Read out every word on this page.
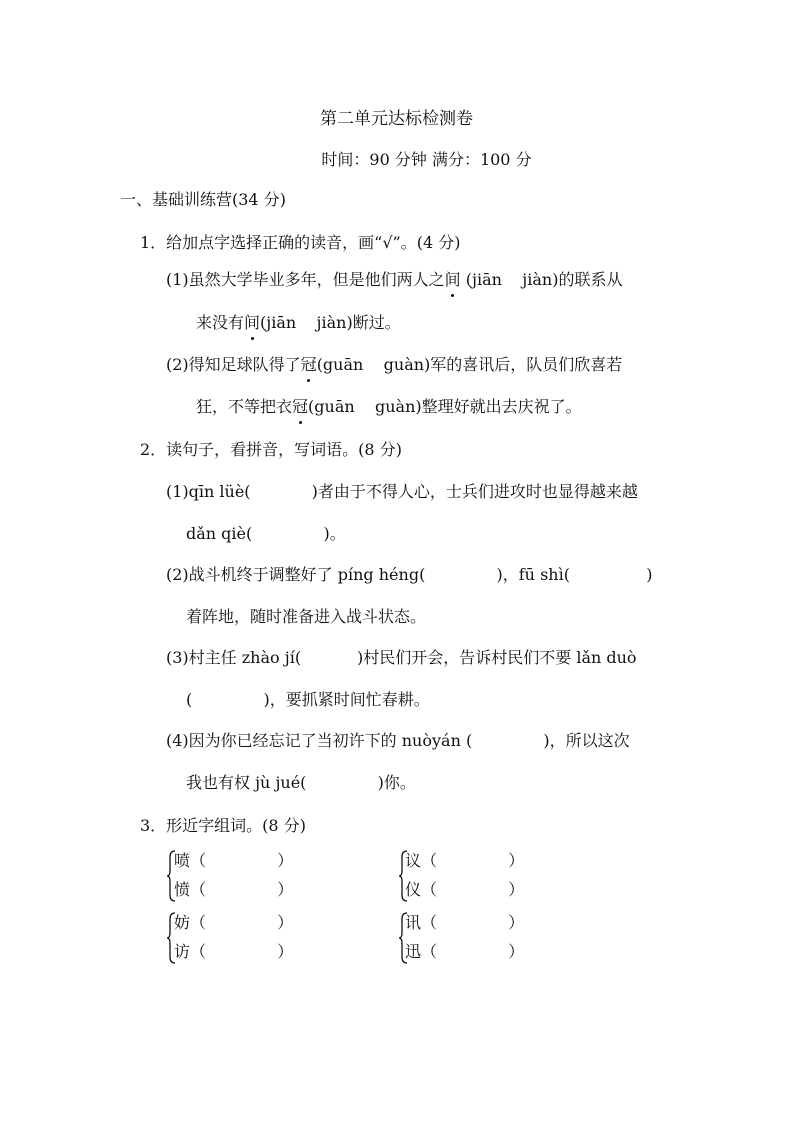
第二单元达标检测卷
时间：90 分钟 满分：100 分
一、基础训练营(34 分)
1．给加点字选择正确的读音，画“√”。(4 分)
(1)虽然大学毕业多年，但是他们两人之间 (jiān    jiàn)的联系从
来没有间(jiān    jiàn)断过。
(2)得知足球队得了冠(guān    guàn)军的喜讯后，队员们欣喜若
狂，不等把衣冠(guān    guàn)整理好就出去庆祝了。
2．读句子，看拼音，写词语。(8 分)
(1)qīn lüè(            )者由于不得人心，士兵们进攻时也显得越来越
dǎn qiè(              )。
(2)战斗机终于调整好了 píng héng(              )，fū shì(               )
着阵地，随时准备进入战斗状态。
(3)村主任 zhào jí(           )村民们开会，告诉村民们不要 lǎn duò
(              )，要抓紧时间忙春耕。
(4)因为你已经忘记了当初许下的 nuòyán (              )，所以这次
我也有权 jù jué(              )你。
3．形近字组词。(8 分)
喷（              ）
愤（              ）
议（              ）
仪（              ）
妨（              ）
访（              ）
讯（              ）
迅（              ）
